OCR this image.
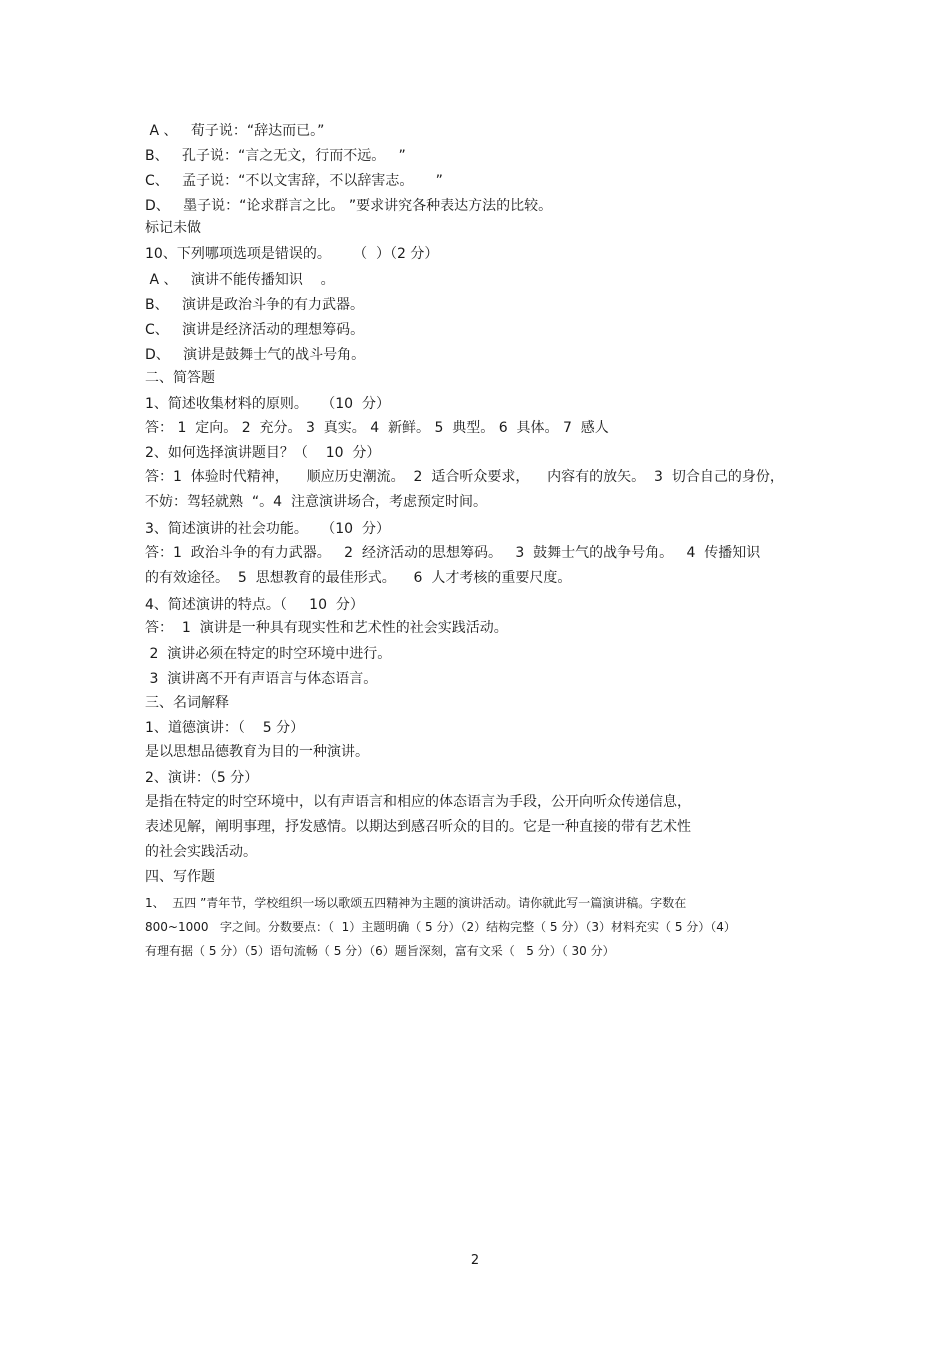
A 、   荀子说：“辞达而已。”
B、   孔子说：“言之无文，行而不远。   ”
C、   孟子说：“不以文害辞，不以辞害志。     ”
D、   墨子说：“论求群言之比。 ”要求讲究各种表达方法的比较。
标记未做
10、下列哪项选项是错误的。     （  ）（2 分）
A 、   演讲不能传播知识    。
B、   演讲是政治斗争的有力武器。
C、   演讲是经济活动的理想筹码。
D、   演讲是鼓舞士气的战斗号角。
二、简答题
1、简述收集材料的原则。   （10  分）
答： 1  定向。 2  充分。 3  真实。 4  新鲜。 5  典型。 6  具体。 7  感人
2、如何选择演讲题目？（    10  分）
答：1  体验时代精神，    顺应历史潮流。  2  适合听众要求，    内容有的放矢。  3  切合自己的身份，
不妨：驾轻就熟  “。4  注意演讲场合，考虑预定时间。
3、简述演讲的社会功能。   （10  分）
答：1  政治斗争的有力武器。   2  经济活动的思想筹码。   3  鼓舞士气的战争号角。   4  传播知识
的有效途径。  5  思想教育的最佳形式。    6  人才考核的重要尺度。
4、简述演讲的特点。（     10  分）
答：  1  演讲是一种具有现实性和艺术性的社会实践活动。
2  演讲必须在特定的时空环境中进行。
3  演讲离不开有声语言与体态语言。
三、名词解释
1、道德演讲：（    5 分）
是以思想品德教育为目的一种演讲。
2、演讲：（5 分）
是指在特定的时空环境中，以有声语言和相应的体态语言为手段，公开向听众传递信息，
表述见解，阐明事理，抒发感情。以期达到感召听众的目的。它是一种直接的带有艺术性
的社会实践活动。
四、写作题
1、  五四 ”青年节，学校组织一场以歌颂五四精神为主题的演讲活动。请你就此写一篇演讲稿。字数在
800~1000   字之间。分数要点：（  1）主题明确（ 5 分）（2）结构完整（ 5 分）（3）材料充实（ 5 分）（4）
有理有据（ 5 分）（5）语句流畅（ 5 分）（6）题旨深刻，富有文采（   5 分）（ 30 分）
2
